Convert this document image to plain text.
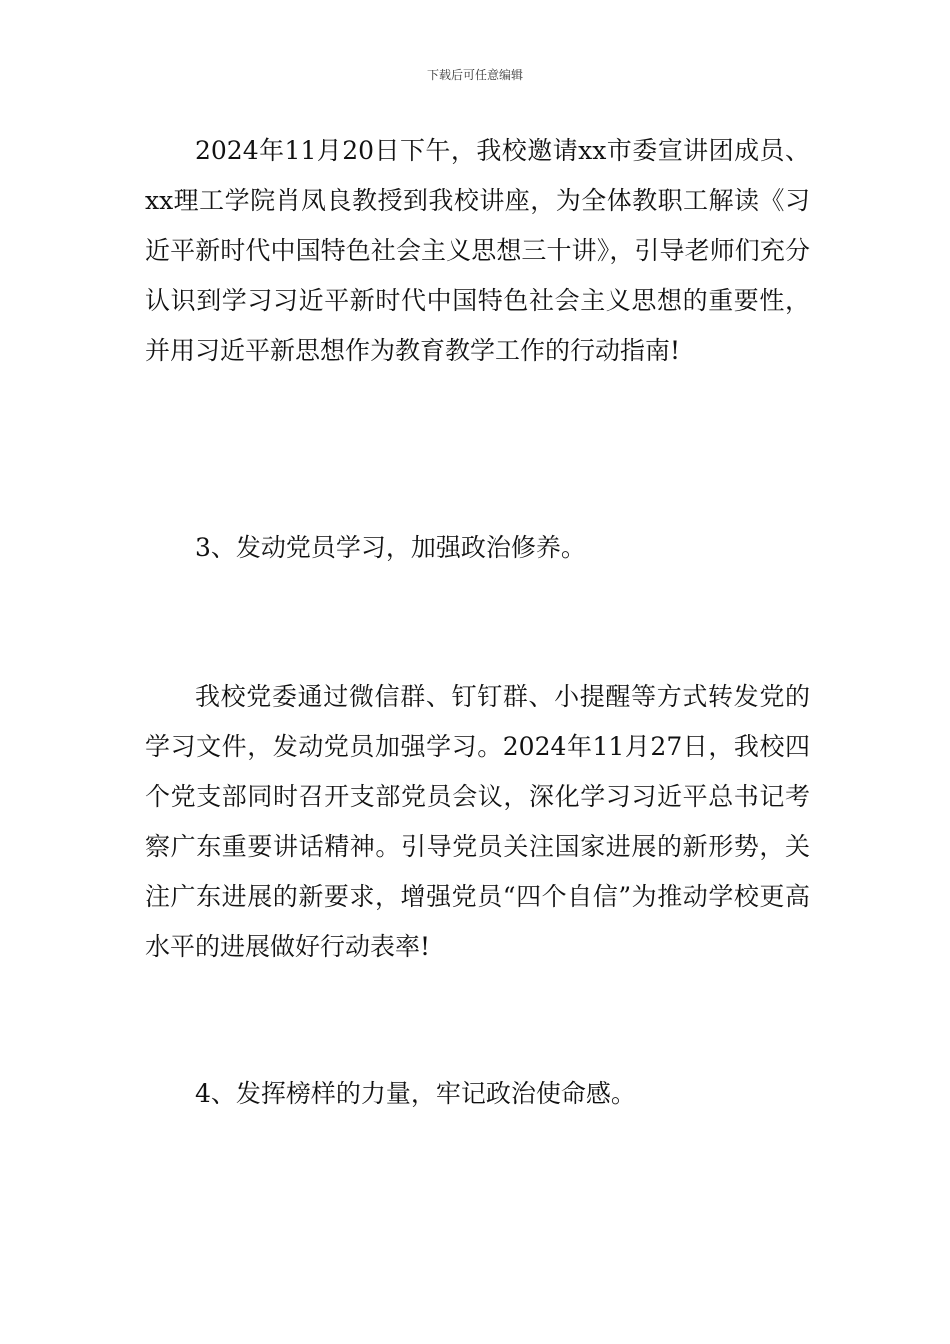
下载后可任意编辑

2024年11月20日下午，我校邀请xx市委宣讲团成员、xx理工学院肖凤良教授到我校讲座，为全体教职工解读《习近平新时代中国特色社会主义思想三十讲》，引导老师们充分认识到学习习近平新时代中国特色社会主义思想的重要性，并用习近平新思想作为教育教学工作的行动指南!

3、发动党员学习，加强政治修养。

我校党委通过微信群、钉钉群、小提醒等方式转发党的学习文件，发动党员加强学习。2024年11月27日，我校四个党支部同时召开支部党员会议，深化学习习近平总书记考察广东重要讲话精神。引导党员关注国家进展的新形势，关注广东进展的新要求，增强党员“四个自信”为推动学校更高水平的进展做好行动表率!

4、发挥榜样的力量，牢记政治使命感。
